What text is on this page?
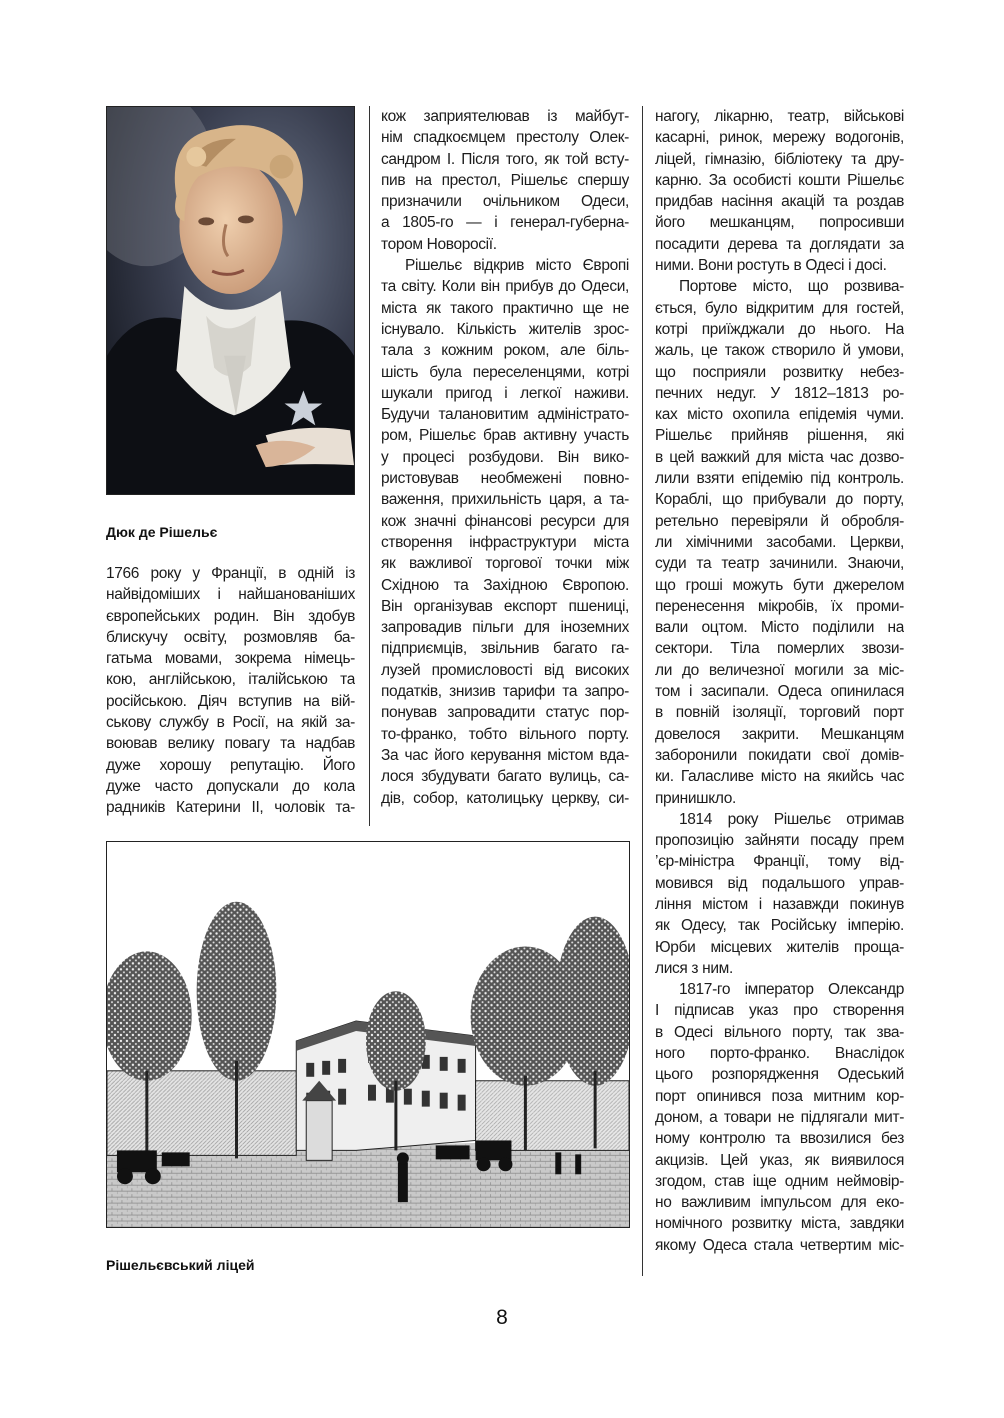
Дюк де Рішельє
1766 року у Франції, в одній із
найвідоміших і найшанованіших
європейських родин. Він здобув
блискучу освіту, розмовляв ба-
гатьма мовами, зокрема німець-
кою, англійською, італійською та
російською. Діяч вступив на вій-
ськову службу в Росії, на якій за-
воював велику повагу та надбав
дуже хорошу репутацію. Його
дуже часто допускали до кола
радників Катерини ІІ, чоловік та-
кож заприятелював із майбут-
нім спадкоємцем престолу Олек-
сандром І. Після того, як той всту-
пив на престол, Рішельє спершу
призначили очільником Одеси,
а 1805-го — і генерал-губерна-
тором Новоросії.
Рішельє відкрив місто Європі
та світу. Коли він прибув до Одеси,
міста як такого практично ще не
існувало. Кількість жителів зрос-
тала з кожним роком, але біль-
шість була переселенцями, котрі
шукали пригод і легкої наживи.
Будучи талановитим адміністрато-
ром, Рішельє брав активну участь
у процесі розбудови. Він вико-
ристовував необмежені повно-
важення, прихильність царя, а та-
кож значні фінансові ресурси для
створення інфраструктури міста
як важливої торгової точки між
Східною та Західною Європою.
Він організував експорт пшениці,
запровадив пільги для іноземних
підприємців, звільнив багато га-
лузей промисловості від високих
податків, знизив тарифи та запро-
понував запровадити статус пор-
то-франко, тобто вільного порту.
За час його керування містом вда-
лося збудувати багато вулиць, са-
дів, собор, католицьку церкву, си-
нагогу, лікарню, театр, військові
касарні, ринок, мережу водогонів,
ліцей, гімназію, бібліотеку та дру-
карню. За особисті кошти Рішельє
придбав насіння акацій та роздав
його мешканцям, попросивши
посадити дерева та доглядати за
ними. Вони ростуть в Одесі і досі.
Портове місто, що розвива-
ється, було відкритим для гостей,
котрі приїжджали до нього. На
жаль, це також створило й умови,
що посприяли розвитку небез-
печних недуг. У 1812–1813 ро-
ках місто охопила епідемія чуми.
Рішельє прийняв рішення, які
в цей важкий для міста час дозво-
лили взяти епідемію під контроль.
Кораблі, що прибували до порту,
ретельно перевіряли й обробля-
ли хімічними засобами. Церкви,
суди та театр зачинили. Знаючи,
що гроші можуть бути джерелом
перенесення мікробів, їх проми-
вали оцтом. Місто поділили на
сектори. Тіла померлих звози-
ли до величезної могили за міс-
том і засипали. Одеса опинилася
в повній ізоляції, торговий порт
довелося закрити. Мешканцям
заборонили покидати свої домів-
ки. Галасливе місто на якийсь час
принишкло.
1814 року Рішельє отримав
пропозицію зайняти посаду прем
’єр-міністра Франції, тому від-
мовився від подальшого управ-
ління містом і назавжди покинув
як Одесу, так Російську імперію.
Юрби місцевих жителів проща-
лися з ним.
1817-го імператор Олександр
І підписав указ про створення
в Одесі вільного порту, так зва-
ного порто-франко. Внаслідок
цього розпорядження Одеський
порт опинився поза митним кор-
доном, а товари не підлягали мит-
ному контролю та ввозилися без
акцизів. Цей указ, як виявилося
згодом, став іще одним неймовір-
но важливим імпульсом для еко-
номічного розвитку міста, завдяки
якому Одеса стала четвертим міс-
Рішельєвський ліцей
8
